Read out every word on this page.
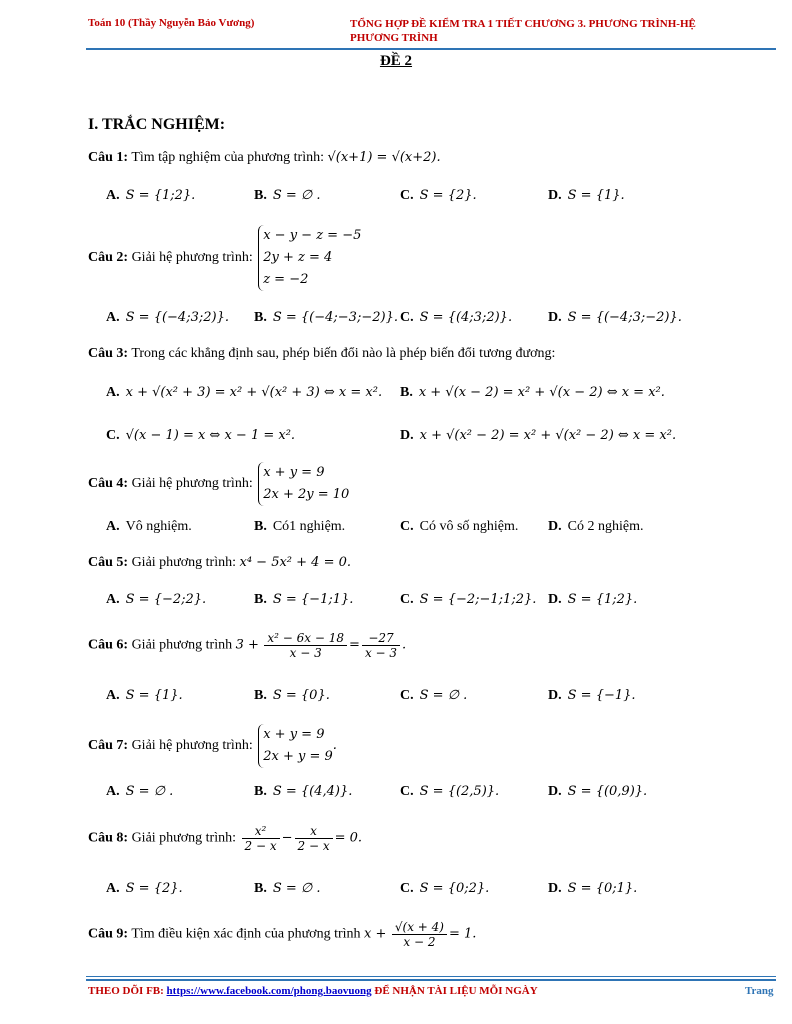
Toán 10 (Thầy Nguyễn Bảo Vương)	TỔNG HỢP ĐỀ KIỂM TRA 1 TIẾT CHƯƠNG 3. PHƯƠNG TRÌNH-HỆ PHƯƠNG TRÌNH
ĐỀ 2
I. TRẮC NGHIỆM:
Câu 1: Tìm tập nghiệm của phương trình: √(x+1) = √(x+2).
A. S = {1;2}.	B. S = ∅ .	C. S = {2}.	D. S = {1}.
Câu 2: Giải hệ phương trình:
x − y − z = −5
2y + z = 4
z = −2
A. S = {(−4;3;2)}. B. S = {(−4;−3;−2)}. C. S = {(4;3;2)}.	D. S = {(−4;3;−2)}.
Câu 3: Trong các khẳng định sau, phép biến đổi nào là phép biến đổi tương đương:
A. x + √(x² + 3) = x² + √(x² + 3) ⇔ x = x². B. x + √(x − 2) = x² + √(x − 2) ⇔ x = x².
C. √(x − 1) = x ⇔ x − 1 = x².	D. x + √(x² − 2) = x² + √(x² − 2) ⇔ x = x².
Câu 4: Giải hệ phương trình:
x + y = 9
2x + 2y = 10
A. Vô nghiệm.	B. Có1 nghiệm.	C. Có vô số nghiệm. D. Có 2 nghiệm.
Câu 5: Giải phương trình: x⁴ − 5x² + 4 = 0.
A. S = {−2;2}.	B. S = {−1;1}.	C. S = {−2;−1;1;2}. D. S = {1;2}.
Câu 6: Giải phương trình $3 + \frac{\text{x² − 6x − 18}}{x - 3} = \frac{-27}{x - 3}$ .
A. S = {1}.	B. S = {0}.	C. S = ∅ .	D. S = {−1}.
Câu 7: Giải hệ phương trình:
x + y = 9
2x + y = 9
.
A. S = ∅ .	B. S = {(4,4)}.	C. S = {(2,5)}.	D. S = {(0,9)}.
Câu 8: Giải phương trình: $\frac{\text{x²}}{2 - x} - \frac{x}{2 - x} = 0$.
A. S = {2}.	B. S = ∅ .	C. S = {0;2}.	D. S = {0;1}.
Câu 9: Tìm điều kiện xác định của phương trình $x + \frac{√(x + 4)}{x - 2} = 1$.
THEO DÕI FB: https://www.facebook.com/phong.baovuong ĐỂ NHẬN TÀI LIỆU MỖI NGÀY	Trang
